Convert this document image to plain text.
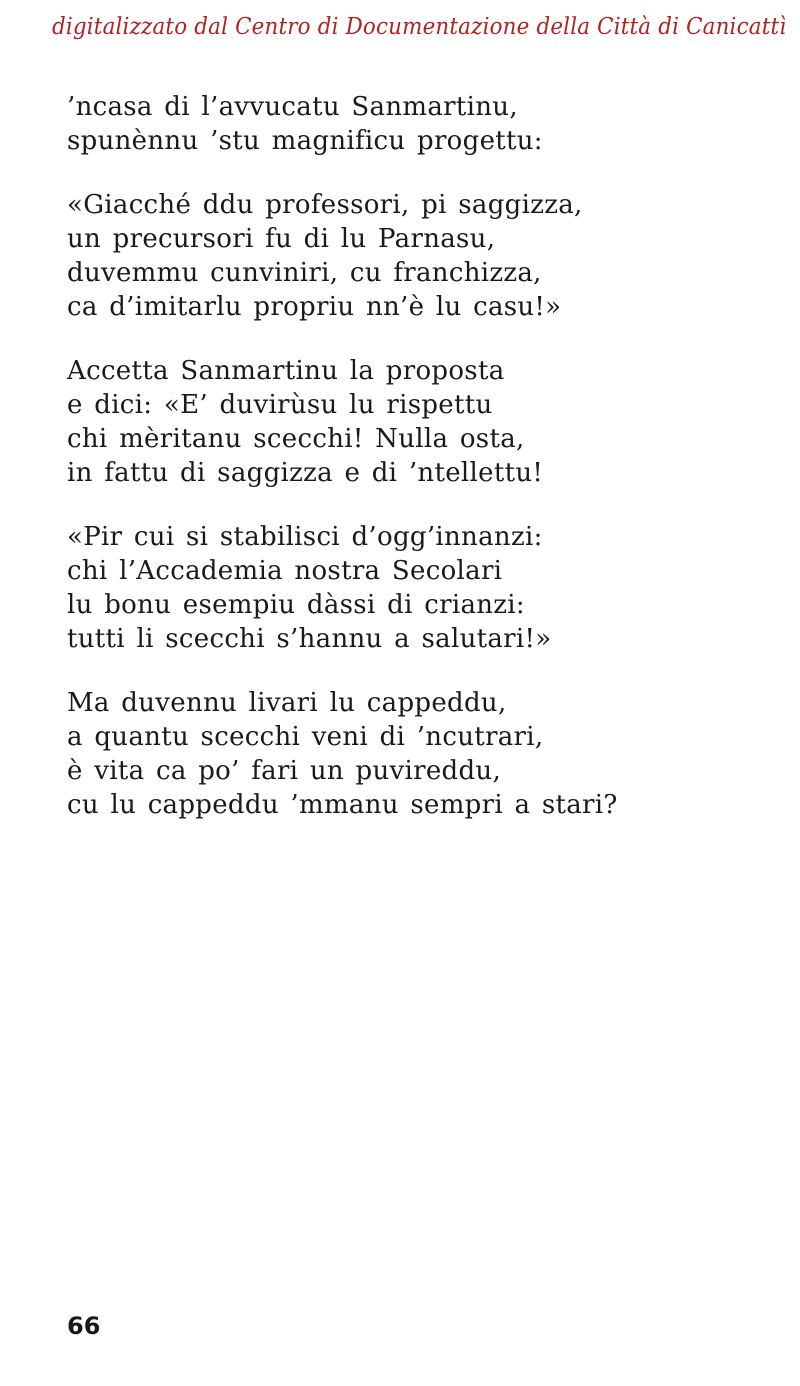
digitalizzato dal Centro di Documentazione della Città di Canicattì
’ncasa di l’avvucatu Sanmartinu,
spunènnu ’stu magnificu progettu:
«Giacché ddu professori, pi saggizza,
un precursori fu di lu Parnasu,
duvemmu cunviniri, cu franchizza,
ca d’imitarlu propriu nn’è lu casu!»
Accetta Sanmartinu la proposta
e dici: «E’ duvirùsu lu rispettu
chi mèritanu scecchi! Nulla osta,
in fattu di saggizza e di ’ntellettu!
«Pir cui si stabilisci d’ogg’innanzi:
chi l’Accademia nostra Secolari
lu bonu esempiu dàssi di crianzi:
tutti li scecchi s’hannu a salutari!»
Ma duvennu livari lu cappeddu,
a quantu scecchi veni di ’ncutrari,
è vita ca po’ fari un puvireddu,
cu lu cappeddu ’mmanu sempri a stari?
66
